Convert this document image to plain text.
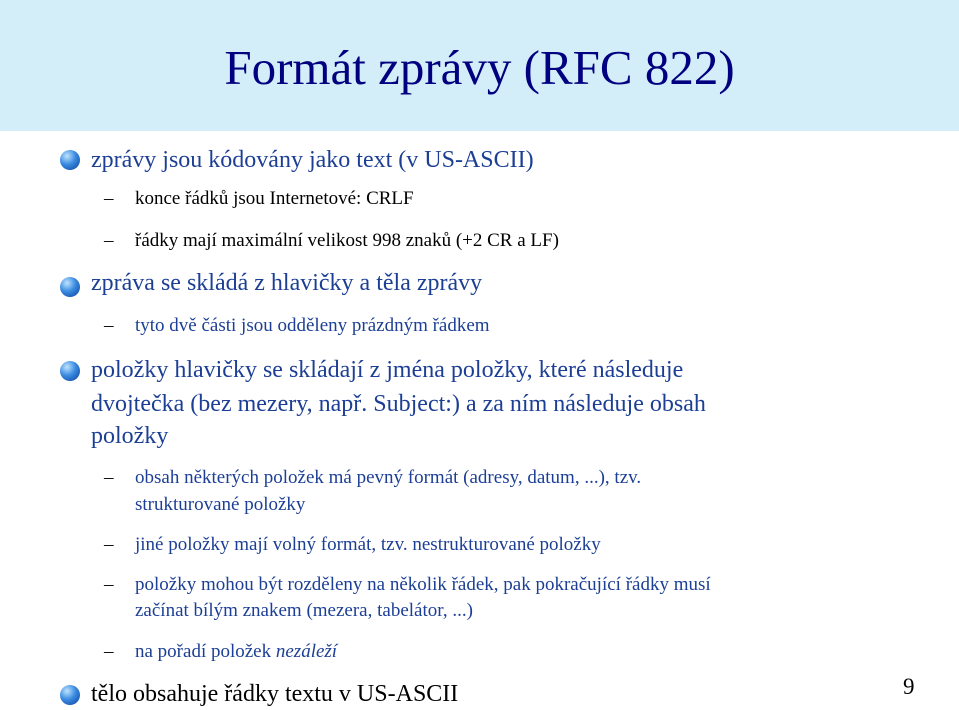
Formát zprávy (RFC 822)
zprávy jsou kódovány jako text (v US-ASCII)
– konce řádků jsou Internetové: CRLF
– řádky mají maximální velikost 998 znaků (+2 CR a LF)
zpráva se skládá z hlavičky a těla zprávy
– tyto dvě části jsou odděleny prázdným řádkem
položky hlavičky se skládají z jména položky, které následuje
dvojtečka (bez mezery, např. Subject:) a za ním následuje obsah
položky
– obsah některých položek má pevný formát (adresy, datum, ...), tzv.
strukturované položky
– jiné položky mají volný formát, tzv. nestrukturované položky
– položky mohou být rozděleny na několik řádek, pak pokračující řádky musí
začínat bílým znakem (mezera, tabelátor, ...)
– na pořadí položek nezáleží
tělo obsahuje řádky textu v US-ASCII	9
